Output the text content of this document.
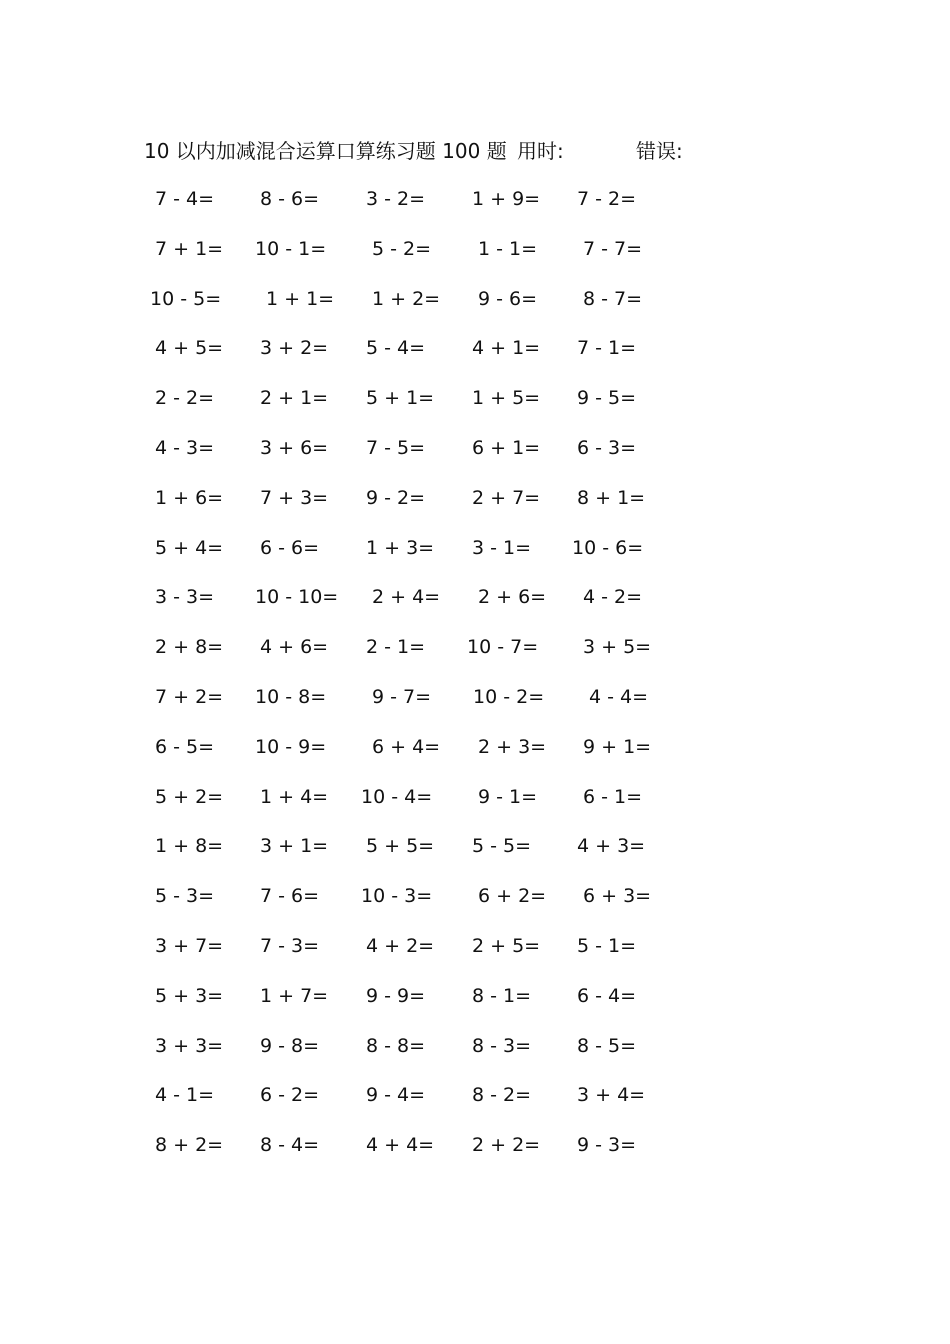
10 以内加减混合运算口算练习题 100 题 用时:	错误:
7 - 4= 8 - 6= 3 - 2= 1 + 9= 7 - 2=
7 + 1= 10 - 1= 5 - 2= 1 - 1= 7 - 7=
10 - 5= 1 + 1= 1 + 2= 9 - 6= 8 - 7=
4 + 5= 3 + 2= 5 - 4= 4 + 1= 7 - 1=
2 - 2= 2 + 1= 5 + 1= 1 + 5= 9 - 5=
4 - 3= 3 + 6= 7 - 5= 6 + 1= 6 - 3=
1 + 6= 7 + 3= 9 - 2= 2 + 7= 8 + 1=
5 + 4= 6 - 6= 1 + 3= 3 - 1= 10 - 6=
3 - 3= 10 - 10= 2 + 4= 2 + 6= 4 - 2=
2 + 8= 4 + 6= 2 - 1= 10 - 7= 3 + 5=
7 + 2= 10 - 8= 9 - 7= 10 - 2= 4 - 4=
6 - 5= 10 - 9= 6 + 4= 2 + 3= 9 + 1=
5 + 2= 1 + 4= 10 - 4= 9 - 1= 6 - 1=
1 + 8= 3 + 1= 5 + 5= 5 - 5= 4 + 3=
5 - 3= 7 - 6= 10 - 3= 6 + 2= 6 + 3=
3 + 7= 7 - 3= 4 + 2= 2 + 5= 5 - 1=
5 + 3= 1 + 7= 9 - 9= 8 - 1= 6 - 4=
3 + 3= 9 - 8= 8 - 8= 8 - 3= 8 - 5=
4 - 1= 6 - 2= 9 - 4= 8 - 2= 3 + 4=
8 + 2= 8 - 4= 4 + 4= 2 + 2= 9 - 3=
